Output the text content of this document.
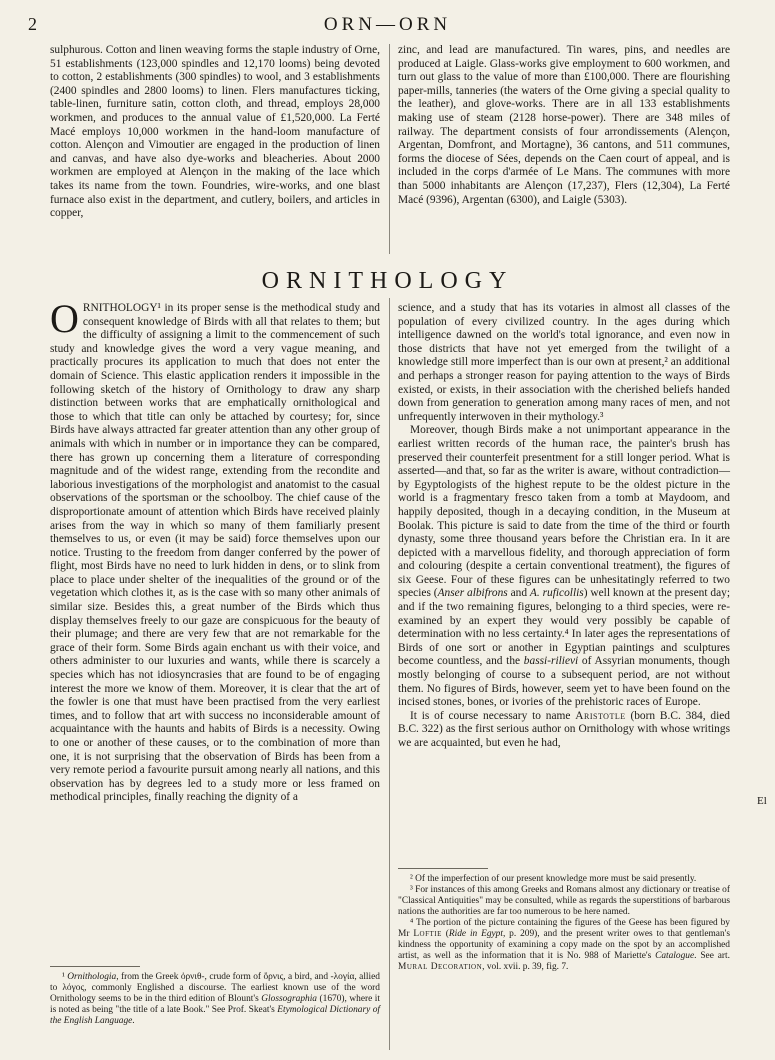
2	ORN—ORN

sulphurous. Cotton and linen weaving forms the staple industry of Orne, 51 establishments (123,000 spindles and 12,170 looms) being devoted to cotton, 2 establishments (300 spindles) to wool, and 3 establishments (2400 spindles and 2800 looms) to linen. Flers manufactures ticking, table-linen, furniture satin, cotton cloth, and thread, employs 28,000 workmen, and produces to the annual value of £1,520,000. La Ferté Macé employs 10,000 workmen in the hand-loom manufacture of cotton. Alençon and Vimoutier are engaged in the production of linen and canvas, and have also dye-works and bleacheries. About 2000 workmen are employed at Alençon in the making of the lace which takes its name from the town. Foundries, wire-works, and one blast furnace also exist in the department, and cutlery, boilers, and articles in copper,

zinc, and lead are manufactured. Tin wares, pins, and needles are produced at Laigle. Glass-works give employment to 600 workmen, and turn out glass to the value of more than £100,000. There are flourishing paper-mills, tanneries (the waters of the Orne giving a special quality to the leather), and glove-works. There are in all 133 establishments making use of steam (2128 horse-power). There are 348 miles of railway. The department consists of four arrondissements (Alençon, Argentan, Domfront, and Mortagne), 36 cantons, and 511 communes, forms the diocese of Sées, depends on the Caen court of appeal, and is included in the corps d'armée of Le Mans. The communes with more than 5000 inhabitants are Alençon (17,237), Flers (12,304), La Ferté Macé (9396), Argentan (6300), and Laigle (5303).

ORNITHOLOGY

ORNITHOLOGY¹ in its proper sense is the methodical study and consequent knowledge of Birds with all that relates to them; but the difficulty of assigning a limit to the commencement of such study and knowledge gives the word a very vague meaning, and practically procures its application to much that does not enter the domain of Science. This elastic application renders it impossible in the following sketch of the history of Ornithology to draw any sharp distinction between works that are emphatically ornithological and those to which that title can only be attached by courtesy; for, since Birds have always attracted far greater attention than any other group of animals with which in number or in importance they can be compared, there has grown up concerning them a literature of corresponding magnitude and of the widest range, extending from the recondite and laborious investigations of the morphologist and anatomist to the casual observations of the sportsman or the schoolboy. The chief cause of the disproportionate amount of attention which Birds have received plainly arises from the way in which so many of them familiarly present themselves to us, or even (it may be said) force themselves upon our notice. Trusting to the freedom from danger conferred by the power of flight, most Birds have no need to lurk hidden in dens, or to slink from place to place under shelter of the inequalities of the ground or of the vegetation which clothes it, as is the case with so many other animals of similar size. Besides this, a great number of the Birds which thus display themselves freely to our gaze are conspicuous for the beauty of their plumage; and there are very few that are not remarkable for the grace of their form. Some Birds again enchant us with their voice, and others administer to our luxuries and wants, while there is scarcely a species which has not idiosyncrasies that are found to be of engaging interest the more we know of them. Moreover, it is clear that the art of the fowler is one that must have been practised from the very earliest times, and to follow that art with success no inconsiderable amount of acquaintance with the haunts and habits of Birds is a necessity. Owing to one or another of these causes, or to the combination of more than one, it is not surprising that the observation of Birds has been from a very remote period a favourite pursuit among nearly all nations, and this observation has by degrees led to a study more or less framed on methodical principles, finally reaching the dignity of a

science, and a study that has its votaries in almost all classes of the population of every civilized country. In the ages during which intelligence dawned on the world's total ignorance, and even now in those districts that have not yet emerged from the twilight of a knowledge still more imperfect than is our own at present,² an additional and perhaps a stronger reason for paying attention to the ways of Birds existed, or exists, in their association with the cherished beliefs handed down from generation to generation among many races of men, and not unfrequently interwoven in their mythology.³

Moreover, though Birds make a not unimportant appearance in the earliest written records of the human race, the painter's brush has preserved their counterfeit presentment for a still longer period. What is asserted—and that, so far as the writer is aware, without contradiction—by Egyptologists of the highest repute to be the oldest picture in the world is a fragmentary fresco taken from a tomb at Maydoom, and happily deposited, though in a decaying condition, in the Museum at Boolak. This picture is said to date from the time of the third or fourth dynasty, some three thousand years before the Christian era. In it are depicted with a marvellous fidelity, and thorough appreciation of form and colouring (despite a certain conventional treatment), the figures of six Geese. Four of these figures can be unhesitatingly referred to two species (Anser albifrons and A. ruficollis) well known at the present day; and if the two remaining figures, belonging to a third species, were re-examined by an expert they would very possibly be capable of determination with no less certainty.⁴ In later ages the representations of Birds of one sort or another in Egyptian paintings and sculptures become countless, and the bassi-rilievi of Assyrian monuments, though mostly belonging of course to a subsequent period, are not without them. No figures of Birds, however, seem yet to have been found on the incised stones, bones, or ivories of the prehistoric races of Europe.

It is of course necessary to name Aristotle (born B.C. 384, died B.C. 322) as the first serious author on Ornithology with whose writings we are acquainted, but even he had,

¹ Ornithologia, from the Greek ὀρνιθ-, crude form of ὄρνις, a bird, and -λογία, allied to λόγος, commonly Englished a discourse. The earliest known use of the word Ornithology seems to be in the third edition of Blount's Glossographia (1670), where it is noted as being "the title of a late Book." See Prof. Skeat's Etymological Dictionary of the English Language.

² Of the imperfection of our present knowledge more must be said presently.

³ For instances of this among Greeks and Romans almost any dictionary or treatise of "Classical Antiquities" may be consulted, while as regards the superstitions of barbarous nations the authorities are far too numerous to be here named.

⁴ The portion of the picture containing the figures of the Geese has been figured by Mr Loftie (Ride in Egypt, p. 209), and the present writer owes to that gentleman's kindness the opportunity of examining a copy made on the spot by an accomplished artist, as well as the information that it is No. 988 of Mariette's Catalogue. See art. Mural Decoration, vol. xvii. p. 39, fig. 7.

El
